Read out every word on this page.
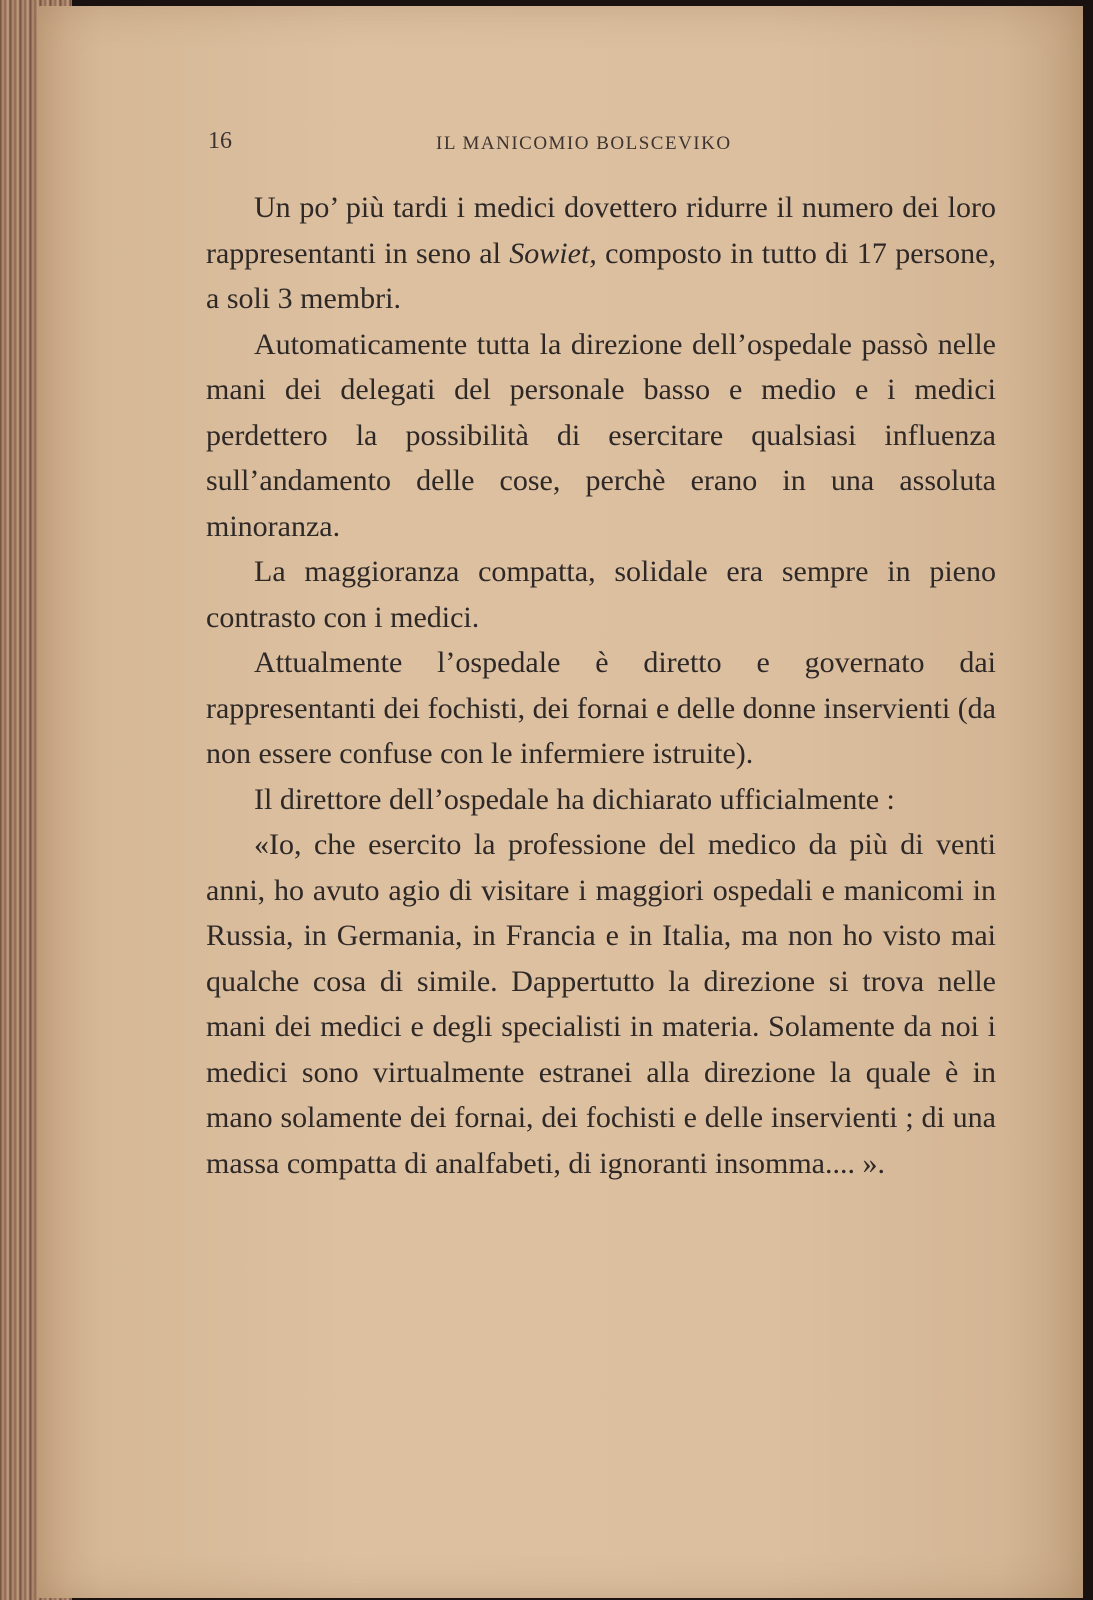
16	IL MANICOMIO BOLSCEVIKO

Un po’ più tardi i medici dovettero ridurre il numero dei loro rappresentanti in seno al Sowiet, composto in tutto di 17 persone, a soli 3 membri.

Automaticamente tutta la direzione dell’ospedale passò nelle mani dei delegati del personale basso e medio e i medici perdettero la possibilità di esercitare qualsiasi influenza sull’andamento delle cose, perchè erano in una assoluta minoranza.

La maggioranza compatta, solidale era sempre in pieno contrasto con i medici.

Attualmente l’ospedale è diretto e governato dai rappresentanti dei fochisti, dei fornai e delle donne inservienti (da non essere confuse con le infermiere istruite).

Il direttore dell’ospedale ha dichiarato ufficialmente :

«Io, che esercito la professione del medico da più di venti anni, ho avuto agio di visitare i maggiori ospedali e manicomi in Russia, in Germania, in Francia e in Italia, ma non ho visto mai qualche cosa di simile. Dappertutto la direzione si trova nelle mani dei medici e degli specialisti in materia. Solamente da noi i medici sono virtualmente estranei alla direzione la quale è in mano solamente dei fornai, dei fochisti e delle inservienti ; di una massa compatta di analfabeti, di ignoranti insomma.... ».
